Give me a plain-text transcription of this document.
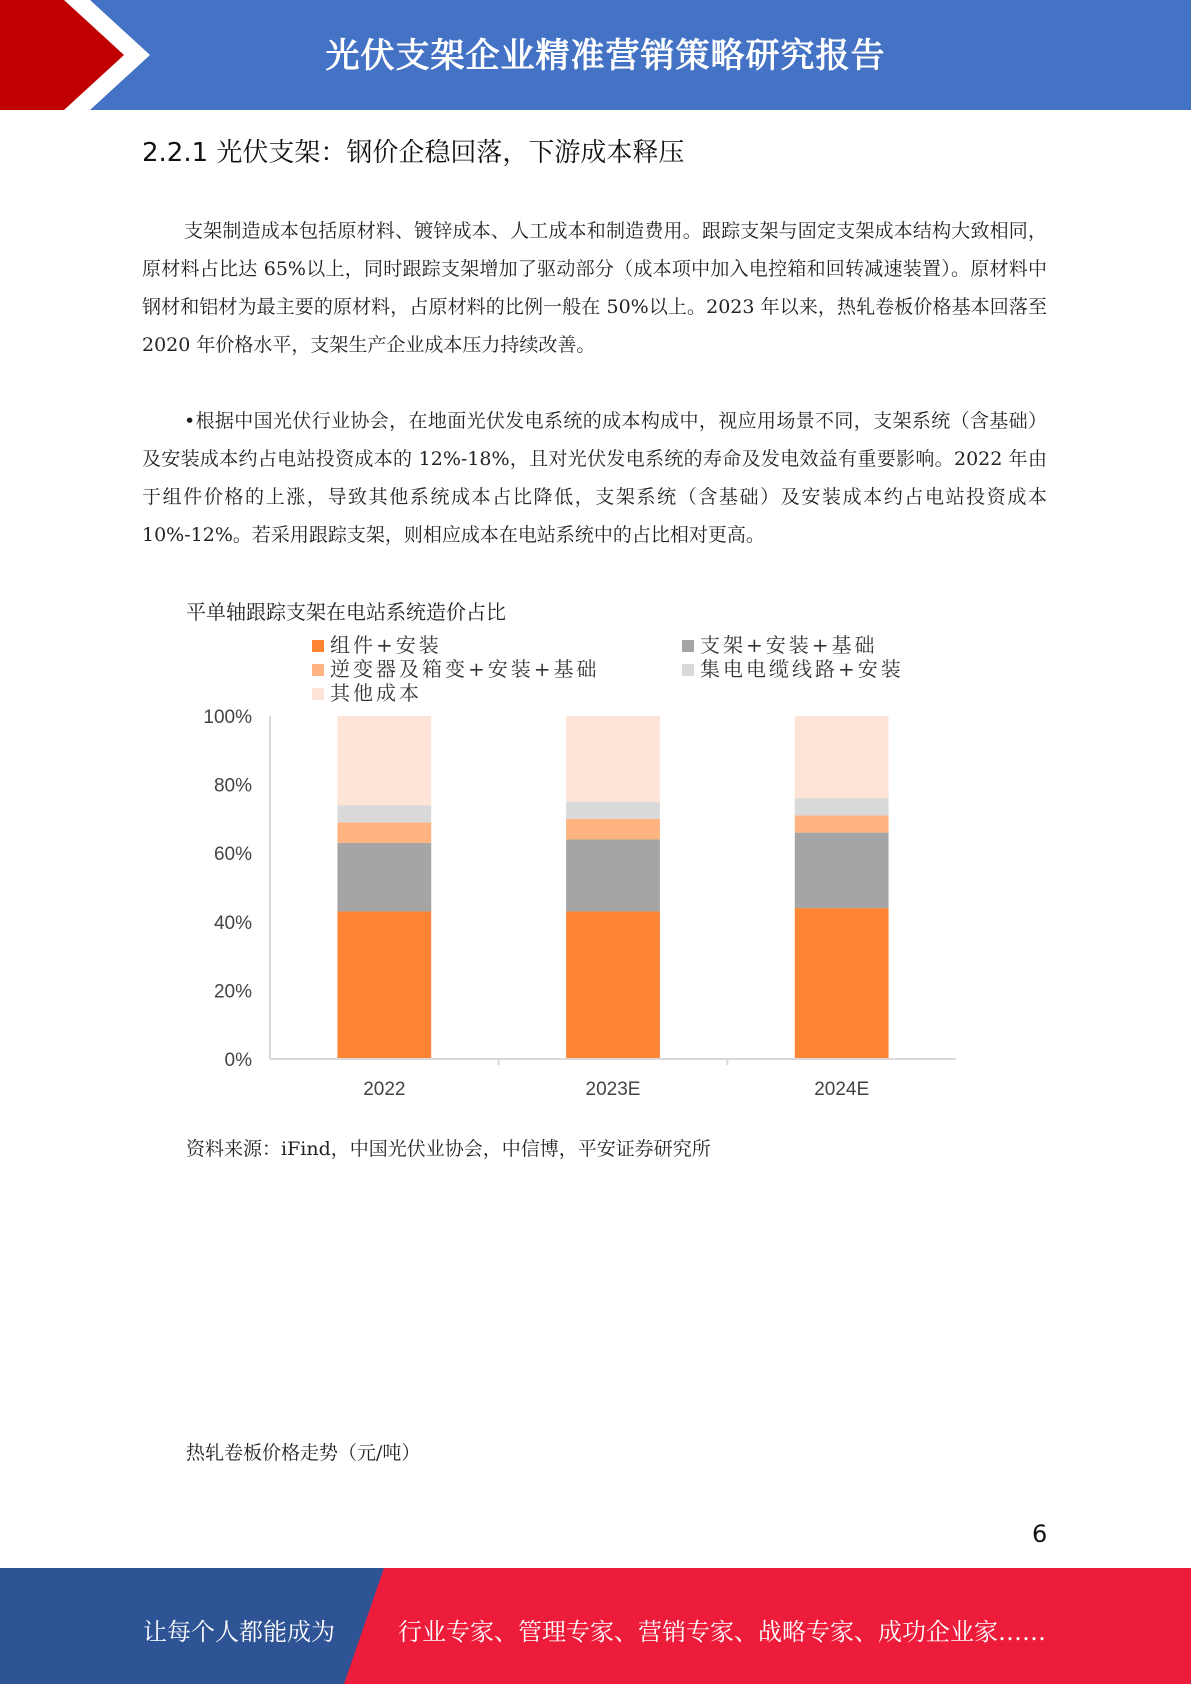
光伏支架企业精准营销策略研究报告
2.2.1 光伏支架：钢价企稳回落，下游成本释压

支架制造成本包括原材料、镀锌成本、人工成本和制造费用。跟踪支架与固定支架成本结构大致相同，原材料占比达 65%以上，同时跟踪支架增加了驱动部分（成本项中加入电控箱和回转减速装置）。原材料中钢材和铝材为最主要的原材料，占原材料的比例一般在 50%以上。2023 年以来，热轧卷板价格基本回落至 2020 年价格水平，支架生产企业成本压力持续改善。

•根据中国光伏行业协会，在地面光伏发电系统的成本构成中，视应用场景不同，支架系统（含基础）及安装成本约占电站投资成本的 12%-18%，且对光伏发电系统的寿命及发电效益有重要影响。2022 年由于组件价格的上涨，导致其他系统成本占比降低，支架系统（含基础）及安装成本约占电站投资成本 10%-12%。若采用跟踪支架，则相应成本在电站系统中的占比相对更高。

平单轴跟踪支架在电站系统造价占比
组件+安装	支架+安装+基础
逆变器及箱变+安装+基础	集电电缆线路+安装
其他成本
0%
20%
40%
60%
80%
100%
2022	2023E	2024E
资料来源：iFind，中国光伏业协会，中信博，平安证券研究所
热轧卷板价格走势（元/吨）
6
让每个人都能成为	行业专家、管理专家、营销专家、战略专家、成功企业家……
